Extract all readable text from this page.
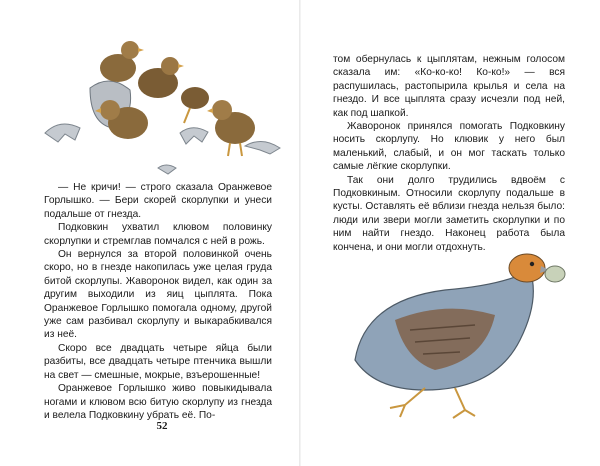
— Не кричи! — строго сказала Оранжевое Горлышко. — Бери скорей скорлупки и унеси подальше от гнезда.

Подковкин ухватил клювом половинку скорлупки и стремглав помчался с ней в рожь.

Он вернулся за второй половинкой очень скоро, но в гнезде накопилась уже целая груда битой скорлупы. Жаворонок видел, как один за другим выходили из яиц цыплята. Пока Оранжевое Горлышко помогала одному, другой уже сам разбивал скорлупу и выкарабкивался из неё.

Скоро все двадцать четыре яйца были разбиты, все двадцать четыре птенчика вышли на свет — смешные, мокрые, взъерошенные!

Оранжевое Горлышко живо повыкидывала ногами и клювом всю битую скорлупу из гнезда и велела Подковкину убрать её. По-

52

том обернулась к цыплятам, нежным голосом сказала им: «Ко-ко-ко! Ко-ко!» — вся распушилась, растопырила крылья и села на гнездо. И все цыплята сразу исчезли под ней, как под шапкой.

Жаворонок принялся помогать Подковкину носить скорлупу. Но клювик у него был маленький, слабый, и он мог таскать только самые лёгкие скорлупки.

Так они долго трудились вдвоём с Подковкиным. Относили скорлупу подальше в кусты. Оставлять её вблизи гнезда нельзя было: люди или звери могли заметить скорлупки и по ним найти гнездо. Наконец работа была кончена, и они могли отдохнуть.
